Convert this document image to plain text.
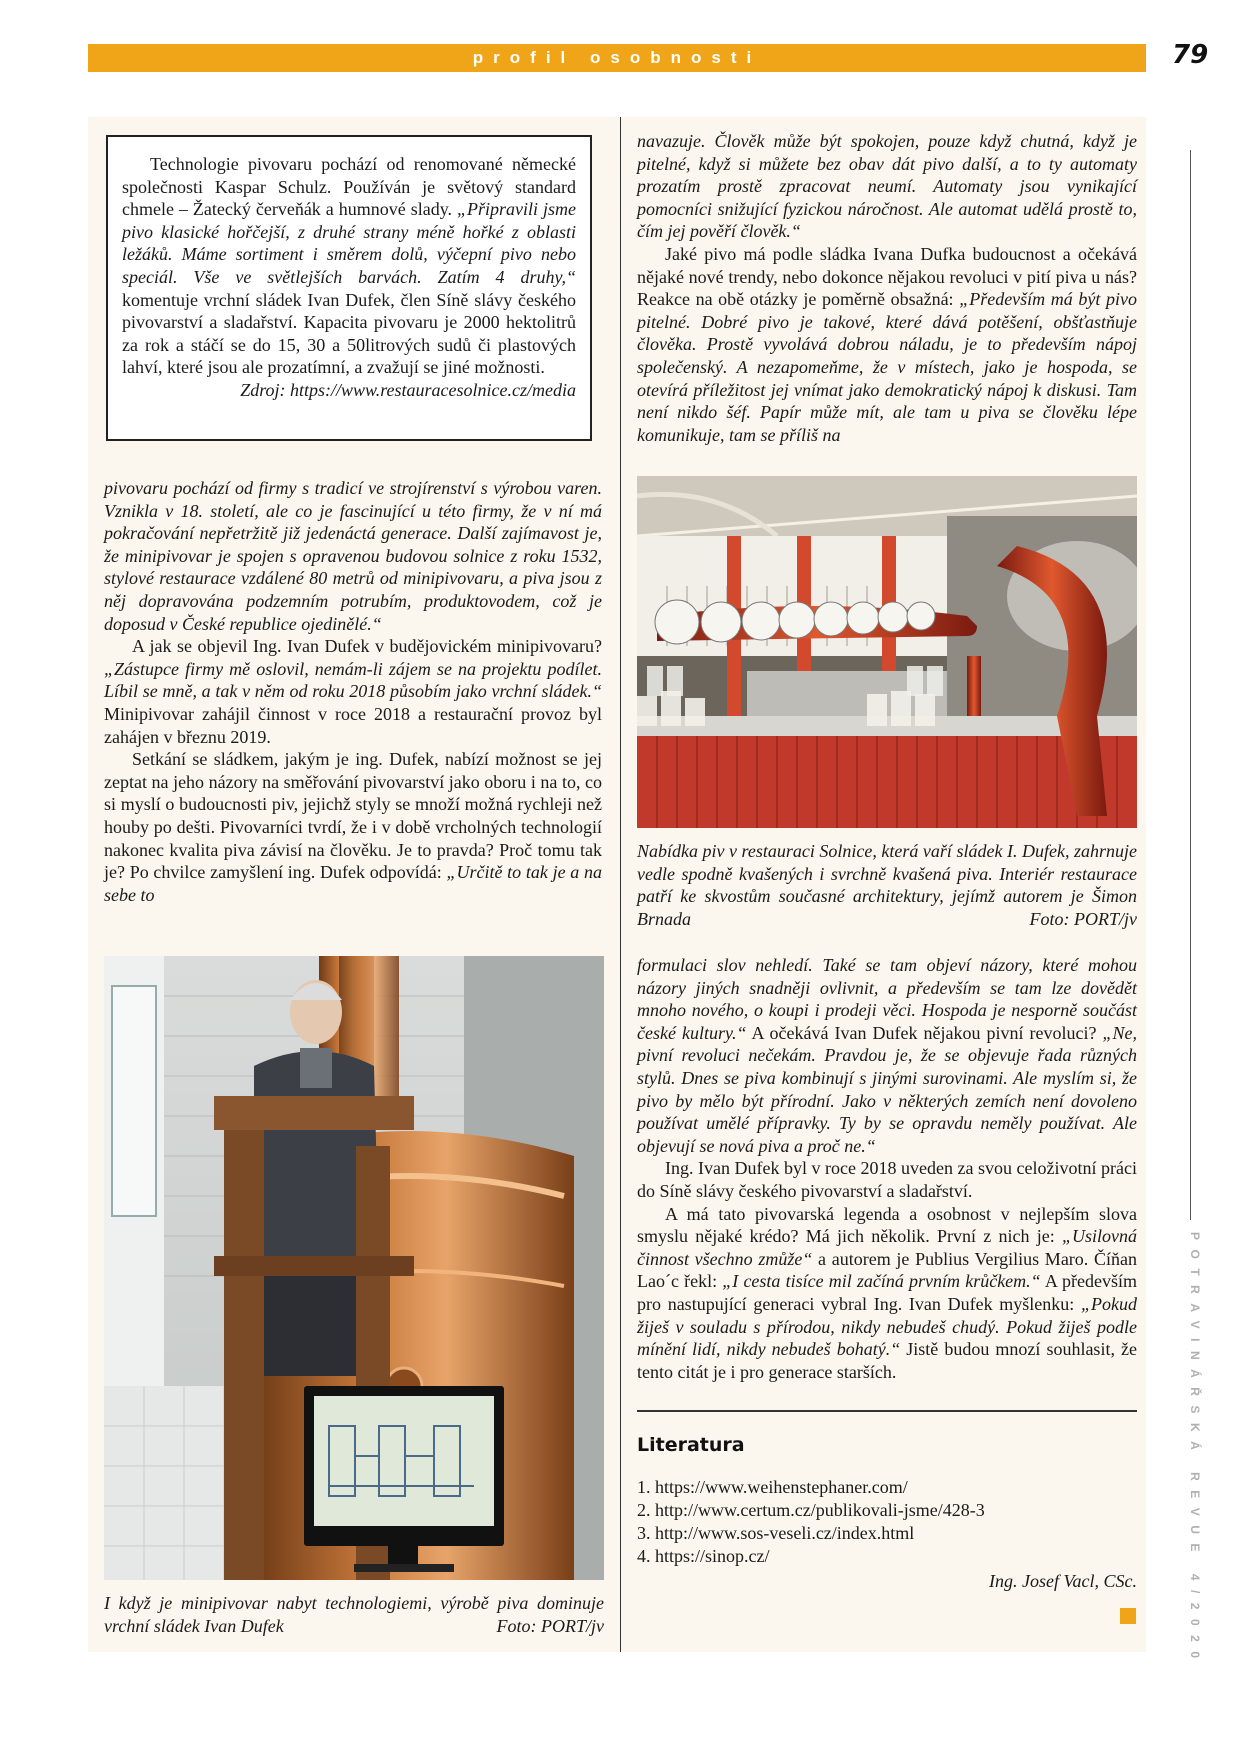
profil osobnosti	79
POTRAVINÁŘSKÁ REVUE 4/2020

Technologie pivovaru pochází od renomované německé společnosti Kaspar Schulz. Používán je světový standard chmele – Žatecký červeňák a humnové slady. „Připravili jsme pivo klasické hořčejší, z druhé strany méně hořké z oblasti ležáků. Máme sortiment i směrem dolů, výčepní pivo nebo speciál. Vše ve světlejších barvách. Zatím 4 druhy,“ komentuje vrchní sládek Ivan Dufek, člen Síně slávy českého pivovarství a sladařství. Kapacita pivovaru je 2000 hektolitrů za rok a stáčí se do 15, 30 a 50litrových sudů či plastových lahví, které jsou ale prozatímní, a zvažují se jiné možnosti.

Zdroj: https://www.restauracesolnice.cz/media

pivovaru pochází od firmy s tradicí ve strojírenství s výrobou varen. Vznikla v 18. století, ale co je fascinující u této firmy, že v ní má pokračování nepřetržitě již jedenáctá generace. Další zajímavost je, že minipivovar je spojen s opravenou budovou solnice z roku 1532, stylové restaurace vzdálené 80 metrů od minipivovaru, a piva jsou z něj dopravována podzemním potrubím, produktovodem, což je doposud v České republice ojedinělé.“

A jak se objevil Ing. Ivan Dufek v budějovickém minipivovaru? „Zástupce firmy mě oslovil, nemám-li zájem se na projektu podílet. Líbil se mně, a tak v něm od roku 2018 působím jako vrchní sládek.“ Minipivovar zahájil činnost v roce 2018 a restaurační provoz byl zahájen v březnu 2019.

Setkání se sládkem, jakým je ing. Dufek, nabízí možnost se jej zeptat na jeho názory na směřování pivovarství jako oboru i na to, co si myslí o budoucnosti piv, jejichž styly se množí možná rychleji než houby po dešti. Pivovarníci tvrdí, že i v době vrcholných technologií nakonec kvalita piva závisí na člověku. Je to pravda? Proč tomu tak je? Po chvilce zamyšlení ing. Dufek odpovídá: „Určitě to tak je a na sebe to

I když je minipivovar nabyt technologiemi, výrobě piva dominuje vrchní sládek Ivan Dufek	Foto: PORT/jv

navazuje. Člověk může být spokojen, pouze když chutná, když je pitelné, když si můžete bez obav dát pivo další, a to ty automaty prozatím prostě zpracovat neumí. Automaty jsou vynikající pomocníci snižující fyzickou náročnost. Ale automat udělá prostě to, čím jej pověří člověk.“

Jaké pivo má podle sládka Ivana Dufka budoucnost a očekává nějaké nové trendy, nebo dokonce nějakou revoluci v pití piva u nás? Reakce na obě otázky je poměrně obsažná: „Především má být pivo pitelné. Dobré pivo je takové, které dává potěšení, obšťastňuje člověka. Prostě vyvolává dobrou náladu, je to především nápoj společenský. A nezapomeňme, že v místech, jako je hospoda, se otevírá příležitost jej vnímat jako demokratický nápoj k diskusi. Tam není nikdo šéf. Papír může mít, ale tam u piva se člověku lépe komunikuje, tam se příliš na

Nabídka piv v restauraci Solnice, která vaří sládek I. Dufek, zahrnuje vedle spodně kvašených i svrchně kvašená piva. Interiér restaurace patří ke skvostům současné architektury, jejímž autorem je Šimon Brnada	Foto: PORT/jv

formulaci slov nehledí. Také se tam objeví názory, které mohou názory jiných snadněji ovlivnit, a především se tam lze dovědět mnoho nového, o koupi i prodeji věci. Hospoda je nesporně součást české kultury.“ A očekává Ivan Dufek nějakou pivní revoluci? „Ne, pivní revoluci nečekám. Pravdou je, že se objevuje řada různých stylů. Dnes se piva kombinují s jinými surovinami. Ale myslím si, že pivo by mělo být přírodní. Jako v některých zemích není dovoleno používat umělé přípravky. Ty by se opravdu neměly používat. Ale objevují se nová piva a proč ne.“

Ing. Ivan Dufek byl v roce 2018 uveden za svou celoživotní práci do Síně slávy českého pivovarství a sladařství.

A má tato pivovarská legenda a osobnost v nejlepším slova smyslu nějaké krédo? Má jich několik. První z nich je: „Usilovná činnost všechno zmůže“ a autorem je Publius Vergilius Maro. Číňan Lao´c řekl: „I cesta tisíce mil začíná prvním krůčkem.“ A především pro nastupující generaci vybral Ing. Ivan Dufek myšlenku: „Pokud žiješ v souladu s přírodou, nikdy nebudeš chudý. Pokud žiješ podle mínění lidí, nikdy nebudeš bohatý.“ Jistě budou mnozí souhlasit, že tento citát je i pro generace starších.

Literatura
1. https://www.weihenstephaner.com/
2. http://www.certum.cz/publikovali-jsme/428-3
3. http://www.sos-veseli.cz/index.html
4. https://sinop.cz/
Ing. Josef Vacl, CSc.
